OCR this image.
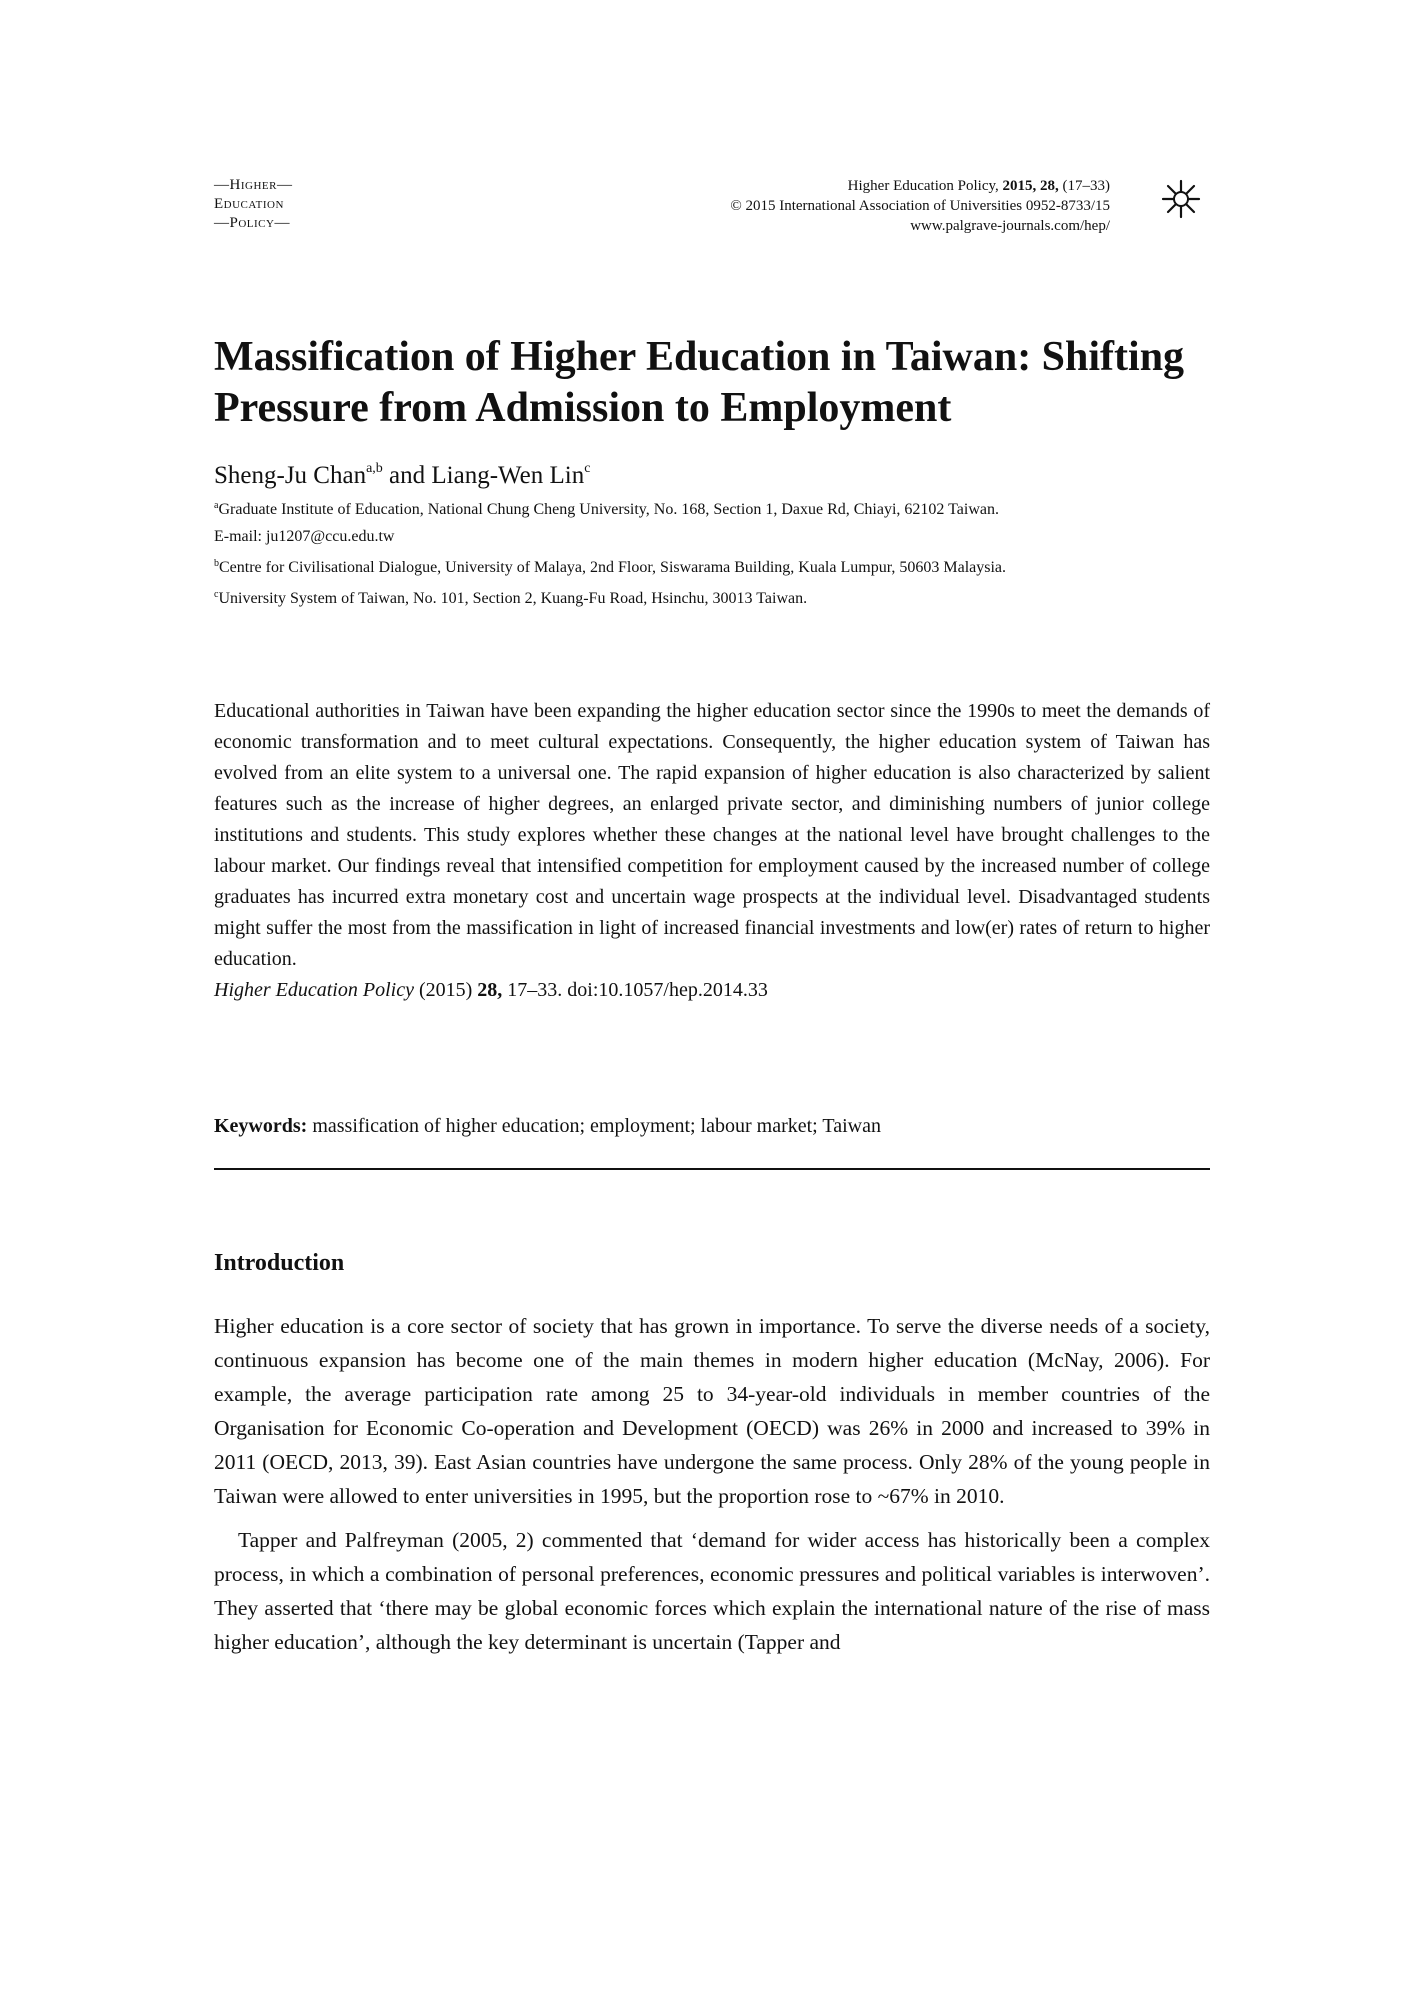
—Higher—
Education
—Policy—
Higher Education Policy, 2015, 28, (17–33)
© 2015 International Association of Universities 0952-8733/15
www.palgrave-journals.com/hep/
Massification of Higher Education in Taiwan: Shifting Pressure from Admission to Employment
Sheng-Ju Chan$^{a,b}$ and Liang-Wen Lin$^c$

$^a$Graduate Institute of Education, National Chung Cheng University, No. 168, Section 1, Daxue Rd, Chiayi, 62102 Taiwan.

E-mail: ju1207@ccu.edu.tw

$^b$Centre for Civilisational Dialogue, University of Malaya, 2nd Floor, Siswarama Building, Kuala Lumpur, 50603 Malaysia.

$^c$University System of Taiwan, No. 101, Section 2, Kuang-Fu Road, Hsinchu, 30013 Taiwan.

Educational authorities in Taiwan have been expanding the higher education sector since the 1990s to meet the demands of economic transformation and to meet cultural expectations. Consequently, the higher education system of Taiwan has evolved from an elite system to a universal one. The rapid expansion of higher education is also characterized by salient features such as the increase of higher degrees, an enlarged private sector, and diminishing numbers of junior college institutions and students. This study explores whether these changes at the national level have brought challenges to the labour market. Our findings reveal that intensified competition for employment caused by the increased number of college graduates has incurred extra monetary cost and uncertain wage prospects at the individual level. Disadvantaged students might suffer the most from the massification in light of increased financial investments and low(er) rates of return to higher education.
Higher Education Policy (2015) 28, 17–33. doi:10.1057/hep.2014.33

Keywords: massification of higher education; employment; labour market; Taiwan
Introduction

Higher education is a core sector of society that has grown in importance. To serve the diverse needs of a society, continuous expansion has become one of the main themes in modern higher education (McNay, 2006). For example, the average participation rate among 25 to 34-year-old individuals in member countries of the Organisation for Economic Co-operation and Development (OECD) was 26% in 2000 and increased to 39% in 2011 (OECD, 2013, 39). East Asian countries have undergone the same process. Only 28% of the young people in Taiwan were allowed to enter universities in 1995, but the proportion rose to ~67% in 2010.

Tapper and Palfreyman (2005, 2) commented that ‘demand for wider access has historically been a complex process, in which a combination of personal preferences, economic pressures and political variables is interwoven’. They asserted that ‘there may be global economic forces which explain the international nature of the rise of mass higher education’, although the key determinant is uncertain (Tapper and
